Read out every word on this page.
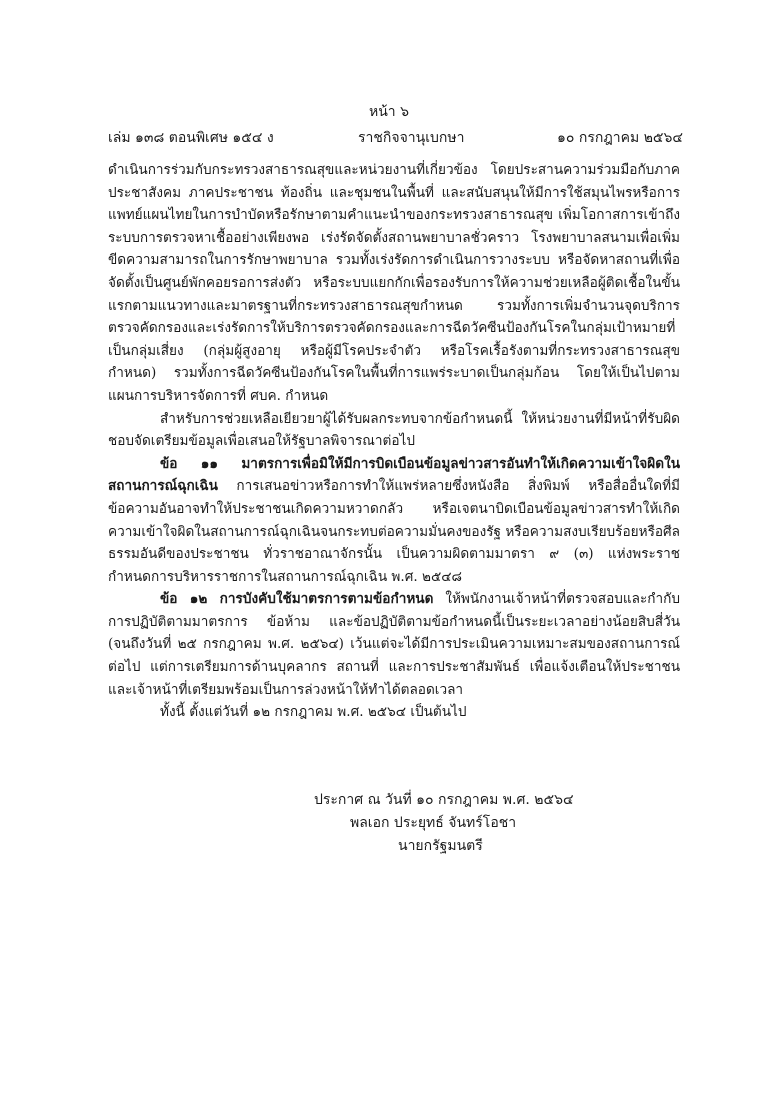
หน้า ๖
เล่ม ๑๓๘ ตอนพิเศษ ๑๕๔ ง	ราชกิจจานุเบกษา	๑๐ กรกฎาคม ๒๕๖๔

ดำเนินการร่วมกับกระทรวงสาธารณสุขและหน่วยงานที่เกี่ยวข้อง โดยประสานความร่วมมือกับภาคประชาสังคม ภาคประชาชน ท้องถิ่น และชุมชนในพื้นที่ และสนับสนุนให้มีการใช้สมุนไพรหรือการแพทย์แผนไทยในการบำบัดหรือรักษาตามคำแนะนำของกระทรวงสาธารณสุข เพิ่มโอกาสการเข้าถึงระบบการตรวจหาเชื้ออย่างเพียงพอ เร่งรัดจัดตั้งสถานพยาบาลชั่วคราว โรงพยาบาลสนามเพื่อเพิ่มขีดความสามารถในการรักษาพยาบาล รวมทั้งเร่งรัดการดำเนินการวางระบบ หรือจัดหาสถานที่เพื่อจัดตั้งเป็นศูนย์พักคอยรอการส่งตัว หรือระบบแยกกักเพื่อรองรับการให้ความช่วยเหลือผู้ติดเชื้อในขั้นแรกตามแนวทางและมาตรฐานที่กระทรวงสาธารณสุขกำหนด รวมทั้งการเพิ่มจำนวนจุดบริการตรวจคัดกรองและเร่งรัดการให้บริการตรวจคัดกรองและการฉีดวัคซีนป้องกันโรคในกลุ่มเป้าหมายที่เป็นกลุ่มเสี่ยง (กลุ่มผู้สูงอายุ หรือผู้มีโรคประจำตัว หรือโรคเรื้อรังตามที่กระทรวงสาธารณสุขกำหนด) รวมทั้งการฉีดวัคซีนป้องกันโรคในพื้นที่การแพร่ระบาดเป็นกลุ่มก้อน โดยให้เป็นไปตามแผนการบริหารจัดการที่ ศบค. กำหนด

สำหรับการช่วยเหลือเยียวยาผู้ได้รับผลกระทบจากข้อกำหนดนี้ ให้หน่วยงานที่มีหน้าที่รับผิดชอบจัดเตรียมข้อมูลเพื่อเสนอให้รัฐบาลพิจารณาต่อไป

ข้อ ๑๑ มาตรการเพื่อมิให้มีการบิดเบือนข้อมูลข่าวสารอันทำให้เกิดความเข้าใจผิดในสถานการณ์ฉุกเฉิน การเสนอข่าวหรือการทำให้แพร่หลายซึ่งหนังสือ สิ่งพิมพ์ หรือสื่ออื่นใดที่มีข้อความอันอาจทำให้ประชาชนเกิดความหวาดกลัว หรือเจตนาบิดเบือนข้อมูลข่าวสารทำให้เกิดความเข้าใจผิดในสถานการณ์ฉุกเฉินจนกระทบต่อความมั่นคงของรัฐ หรือความสงบเรียบร้อยหรือศีลธรรมอันดีของประชาชน ทั่วราชอาณาจักรนั้น เป็นความผิดตามมาตรา ๙ (๓) แห่งพระราชกำหนดการบริหารราชการในสถานการณ์ฉุกเฉิน พ.ศ. ๒๕๔๘

ข้อ ๑๒ การบังคับใช้มาตรการตามข้อกำหนด ให้พนักงานเจ้าหน้าที่ตรวจสอบและกำกับการปฏิบัติตามมาตรการ ข้อห้าม และข้อปฏิบัติตามข้อกำหนดนี้เป็นระยะเวลาอย่างน้อยสิบสี่วัน (จนถึงวันที่ ๒๕ กรกฎาคม พ.ศ. ๒๕๖๔) เว้นแต่จะได้มีการประเมินความเหมาะสมของสถานการณ์ต่อไป แต่การเตรียมการด้านบุคลากร สถานที่ และการประชาสัมพันธ์ เพื่อแจ้งเตือนให้ประชาชนและเจ้าหน้าที่เตรียมพร้อมเป็นการล่วงหน้าให้ทำได้ตลอดเวลา

ทั้งนี้ ตั้งแต่วันที่ ๑๒ กรกฎาคม พ.ศ. ๒๕๖๔ เป็นต้นไป

ประกาศ ณ วันที่ ๑๐ กรกฎาคม พ.ศ. ๒๕๖๔
พลเอก ประยุทธ์ จันทร์โอชา
นายกรัฐมนตรี
